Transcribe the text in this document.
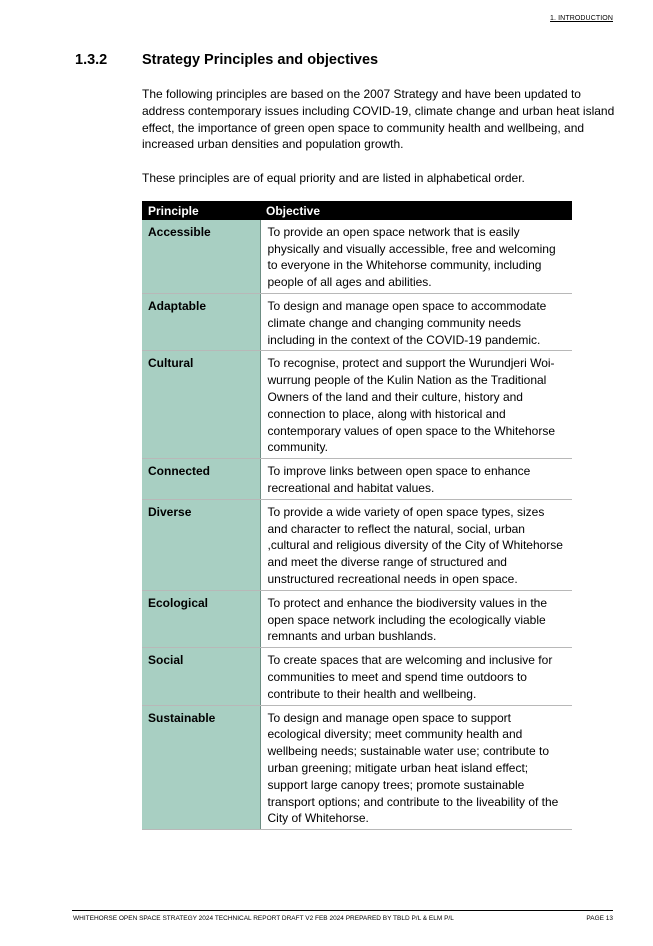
1. INTRODUCTION
1.3.2 Strategy Principles and objectives

The following principles are based on the 2007 Strategy and have been updated to address contemporary issues including COVID-19, climate change and urban heat island effect, the importance of green open space to community health and wellbeing, and increased urban densities and population growth.

These principles are of equal priority and are listed in alphabetical order.

Principle	Objective
Accessible	To provide an open space network that is easily physically and visually accessible, free and welcoming to everyone in the Whitehorse community, including people of all ages and abilities.
Adaptable	To design and manage open space to accommodate climate change and changing community needs including in the context of the COVID-19 pandemic.
Cultural	To recognise, protect and support the Wurundjeri Woi-wurrung people of the Kulin Nation as the Traditional Owners of the land and their culture, history and connection to place, along with historical and contemporary values of open space to the Whitehorse community.
Connected	To improve links between open space to enhance recreational and habitat values.
Diverse	To provide a wide variety of open space types, sizes and character to reflect the natural, social, urban ,cultural and religious diversity of the City of Whitehorse and meet the diverse range of structured and unstructured recreational needs in open space.
Ecological	To protect and enhance the biodiversity values in the open space network including the ecologically viable remnants and urban bushlands.
Social	To create spaces that are welcoming and inclusive for communities to meet and spend time outdoors to contribute to their health and wellbeing.
Sustainable	To design and manage open space to support ecological diversity; meet community health and wellbeing needs; sustainable water use; contribute to urban greening; mitigate urban heat island effect; support large canopy trees; promote sustainable transport options; and contribute to the liveability of the City of Whitehorse.
WHITEHORSE OPEN SPACE STRATEGY 2024 TECHNICAL REPORT DRAFT V2 FEB 2024 PREPARED BY TBLD P/L & ELM P/L	PAGE 13
